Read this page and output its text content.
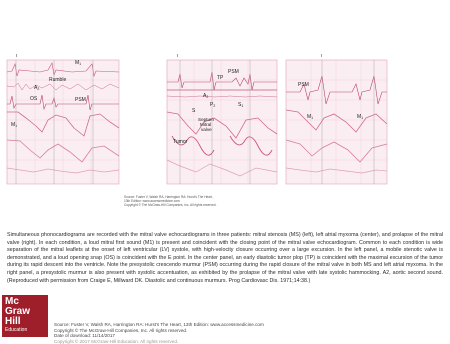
I
$M_1$
Rumble
$A_2$
OS	PSM
$M_1$
I
PSM
TP
$A_2$
$P_2$	$S_1$
S
Septum Mitral valve
Tumor
I
PSM
$M_1$	$M_1$
Source: Fuster V, Walsh RA, Harrington RA: Hurst's The Heart,
13th Edition: www.accessmedicine.com
Copyright © The McGraw-Hill Companies, Inc. All rights reserved.

Simultaneous phonocardiograms are recorded with the mitral valve echocardiograms in three patients: mitral stenosis (MS) (left), left atrial myxoma (center), and prolapse of the mitral valve (right). In each condition, a loud mitral first sound (M1) is present and coincident with the closing point of the mitral valve echocardiogram. Common to each condition is wide separation of the mitral leaflets at the onset of left ventricular (LV) systole, with high-velocity closure occurring over a large excursion. In the left panel, a mobile stenotic valve is demonstrated, and a loud opening snap (OS) is coincident with the E point. In the center panel, an early diastolic tumor plop (TP) is coincident with the maximal excursion of the tumor during its rapid descent into the ventricle. Note the presystolic crescendo murmur (PSM) occurring during the rapid closure of the mitral valve in both MS and left atrial myxoma. In the right panel, a presystolic murmur is also present with systolic accentuation, as exhibited by the prolapse of the mitral valve with late systolic hammocking. A2, aortic second sound. (Reproduced with permission from Craige E, Millward DK. Diastolic and continuous murmurs. Prog Cardiovasc Dis. 1971;14:38.)

Mc
Graw
Hill
Education
Source: Fuster V, Walsh RA, Harrington RA: Hurst's The Heart, 13th Edition: www.accessmedicine.com
Copyright © The McGraw-Hill Companies, Inc. All rights reserved.
Date of download: 11/14/2017
Copyright © 2017 McGraw-Hill Education. All rights reserved.
